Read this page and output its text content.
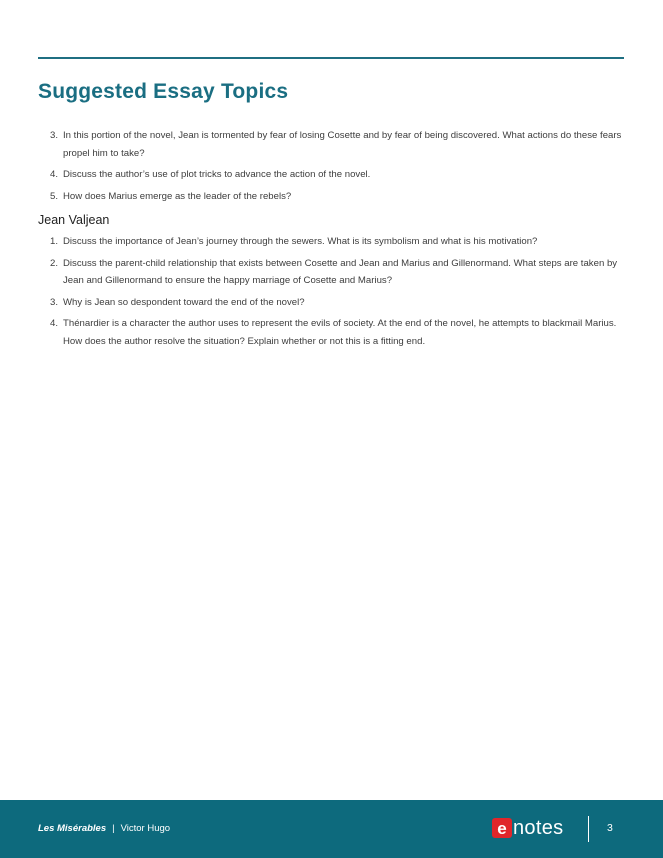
Suggested Essay Topics
3. In this portion of the novel, Jean is tormented by fear of losing Cosette and by fear of being discovered. What actions do these fears propel him to take?
4. Discuss the author’s use of plot tricks to advance the action of the novel.
5. How does Marius emerge as the leader of the rebels?
Jean Valjean
1. Discuss the importance of Jean’s journey through the sewers. What is its symbolism and what is his motivation?
2. Discuss the parent-child relationship that exists between Cosette and Jean and Marius and Gillenormand. What steps are taken by Jean and Gillenormand to ensure the happy marriage of Cosette and Marius?
3. Why is Jean so despondent toward the end of the novel?
4. Thénardier is a character the author uses to represent the evils of society. At the end of the novel, he attempts to blackmail Marius. How does the author resolve the situation? Explain whether or not this is a fitting end.
Les Misérables | Victor Hugo	e notes	3
